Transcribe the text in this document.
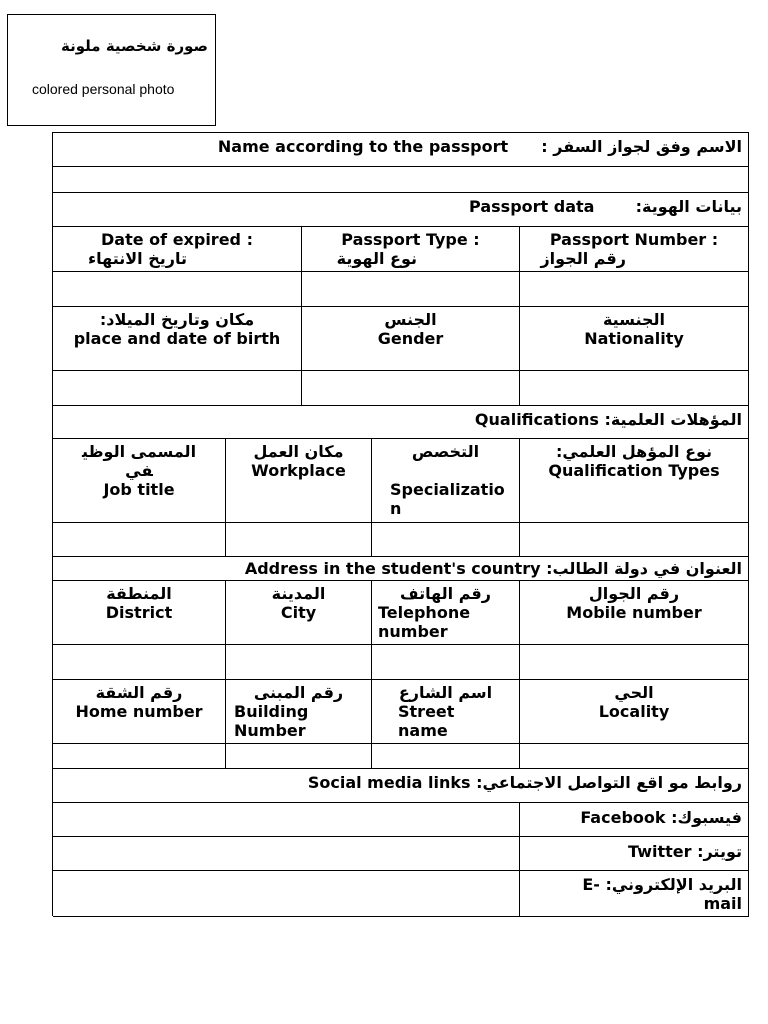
صورة شخصية ملونة
colored personal photo
الاسم وفق لجواز السفر :  Name according to the passport
بيانات الهوية:  Passport data
Date of expired :
تاريخ الانتهاء
Passport Type :
نوع الهوية
Passport Number :
رقم الجواز
مكان وتاريخ الميلاد:
place and date of birth
الجنس
Gender
الجنسية
Nationality
المؤهلات العلمية: Qualifications
المسمى الوظيفي
Job title
مكان العمل
Workplace
التخصص
Specialization
نوع المؤهل العلمي:
Qualification Types
العنوان في دولة الطالب: Address in the student's country
المنطقة
District
المدينة
City
رقم الهاتف
Telephone number
رقم الجوال
Mobile number
رقم الشقة
Home number
رقم المبنى
Building Number
اسم الشارع
Street name
الحي
Locality
روابط مو اقع التواصل الاجتماعي: Social media links
فيسبوك: Facebook
تويتر: Twitter
البريد الإلكتروني: E-mail
